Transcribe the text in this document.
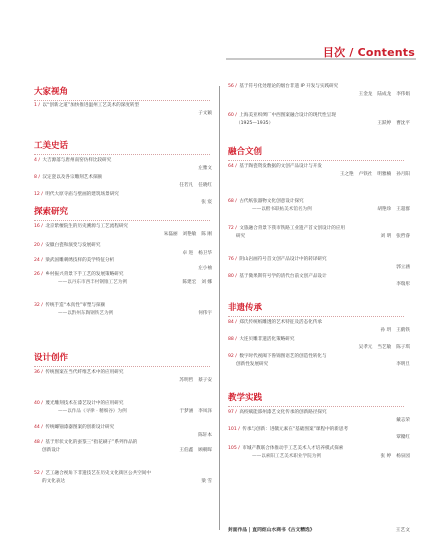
目次 / Contents
大家视角
1 / 以“创新之道”加快推进温州工艺美术的深度转型
子文颖
工美史话
4 / 大吉源落与唐州南窑仿样比较研究
左雅文
8 / 汉定瓷以及各宗雕刻艺术探颐
任若凡 任晓红
12 / 明代大原寺庙与壁画的建筑场景研究
张 宸
探索研究
16 / 北京紫檀院生的历史溯源与工艺流程研究
朱磊丽 刘艳敏 陈 刚
20 / 安徽白瓷和演变与发展研究
卓 进 杨卫华
24 / 梁武国雕刺绣技样的美学特征分析
左小袖
26 / 乡村振兴背景下手工艺的发展策略研究
——以丹东市西丰村钢锥工艺为例	陈建宏 刘 娜
32 / 传统手造“本真性”审塑与探颐
——以黔州东陶钢铁艺为例	何伟宇
设计创作
36 / 传统图案在当代纤维艺术中的应用研究
苏明哲 蔡子安
40 / 蔑光雕刻技术在漆艺设计中的应用研究
——以作品《寻律 · 精细谷》为例	于梦涵 李凤泽
44 / 传统螺钿漆器图案的创新设计研究
陈轩本
48 / 基于形状文化的蚕篆三“指花刷子”系列作品的
创新设计	王伯鑫 顾朝晖
52 / 艺工融合视角下非遗技艺在历史文化街区公共空间中
的文化表达	梁 雪
56 / 基于符号化处理论的烟台非遗 IP 开发与实践研究
王金龙 陆成龙 李伟娟
60 / 上海美亚织绸厂中西图案融合设计的现代性呈现
（1925—1935）	王跃婷 曹沈平
融合文创
64 / 基于陶瓷资发数据的文创产品设计与开发
王之艳 卢铁社 明雅楠 孙月阳
68 / 古代纸张器物文化创意设计探究
——以楷书联帖美术馆名为例	胡艳珍 王超群
72 / 文旅融合背景下我市铁路工业遗产首文创设计的应用
研究	刘 明 张哲睿
76 / 阴山岩画符号首文创产品设计中的转译研究
郭立涵
80 / 基于微果斯符号学的清代台前文创产品设计
李瑞彤
非遗传承
84 / 郑氏传统纸雕透的艺术特征及活态化传承
孙 玥 王鹤铁
88 / 大连贝雕非遗活化策略研究
吴孝元 当艺敏 陈子琪
92 / 数字时代视阈下鲁锦图语艺的创造性转化与
创新性发展研究	李明旦
教学实践
97 / 高校赋能邵州漆艺文化传承的创新路径探究
戴志荣
101 / 传承与创新：进赣元素在“基础图案”课程中的新思考
覃赣红
105 / 市城产教联合体推动手工艺美术人才培养模式探索
——以索阳工艺美术职业学院为例	张 婷 杨泉园
封面作品 | 直同炬山水商书《古文精选》	王艺文
